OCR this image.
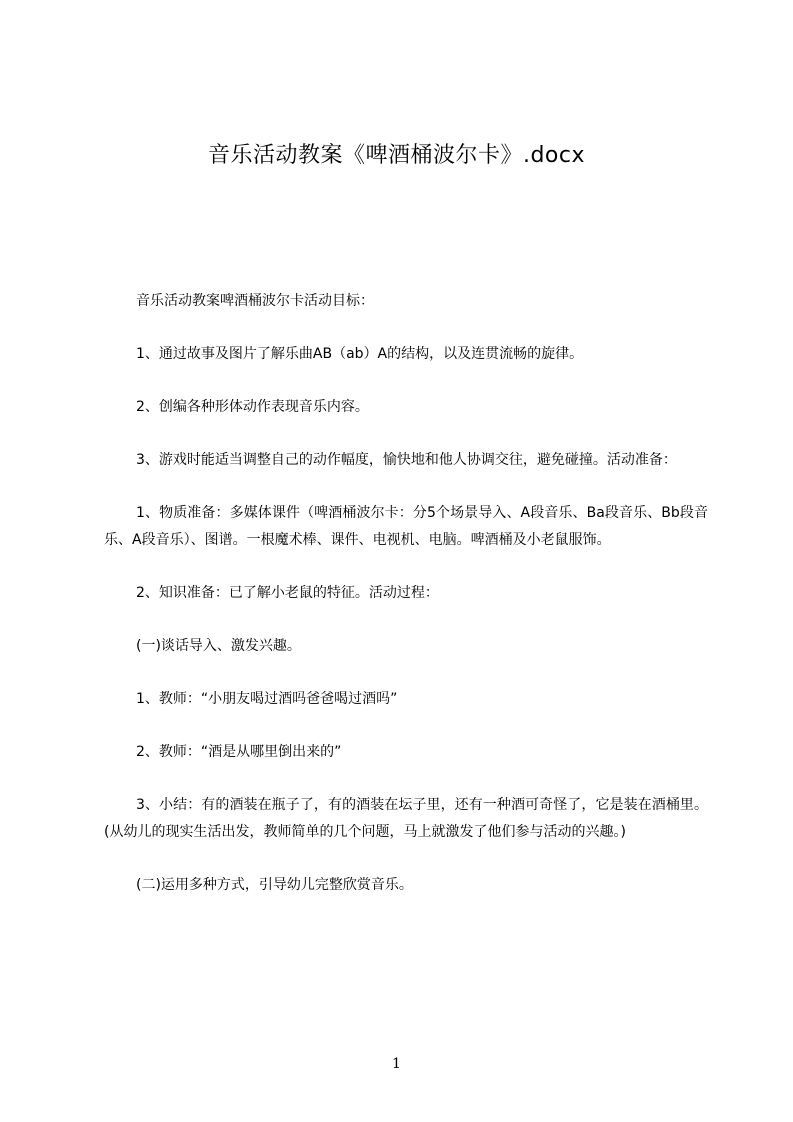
音乐活动教案《啤酒桶波尔卡》.docx

音乐活动教案啤酒桶波尔卡活动目标：

1、通过故事及图片了解乐曲AB（ab）A的结构，以及连贯流畅的旋律。

2、创编各种形体动作表现音乐内容。

3、游戏时能适当调整自己的动作幅度，愉快地和他人协调交往，避免碰撞。活动准备：

1、物质准备：多媒体课件（啤酒桶波尔卡：分5个场景导入、A段音乐、Ba段音乐、Bb段音乐、A段音乐）、图谱。一根魔术棒、课件、电视机、电脑。啤酒桶及小老鼠服饰。

2、知识准备：已了解小老鼠的特征。活动过程：

(一)谈话导入、激发兴趣。

1、教师：“小朋友喝过酒吗爸爸喝过酒吗”

2、教师：“酒是从哪里倒出来的”

3、小结：有的酒装在瓶子了，有的酒装在坛子里，还有一种酒可奇怪了，它是装在酒桶里。(从幼儿的现实生活出发，教师简单的几个问题，马上就激发了他们参与活动的兴趣。)

(二)运用多种方式，引导幼儿完整欣赏音乐。

1
